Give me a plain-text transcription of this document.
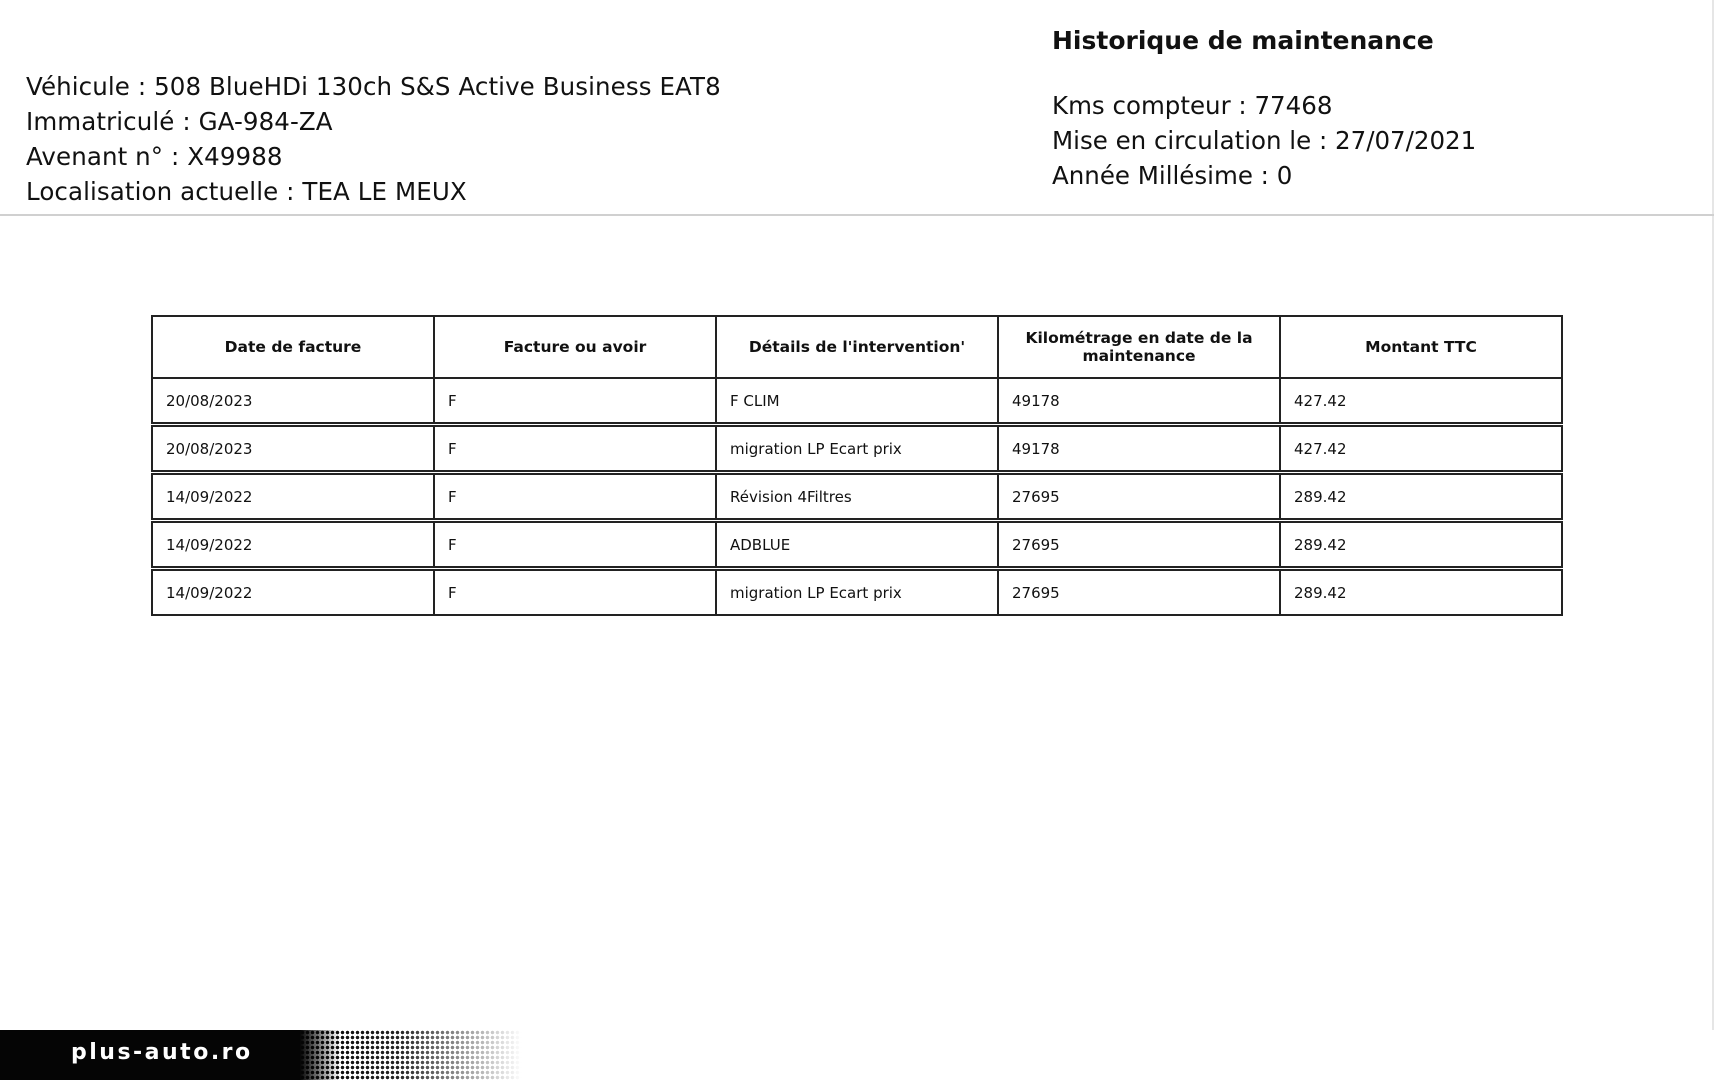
Véhicule : 508 BlueHDi 130ch S&S Active Business EAT8
Immatriculé : GA-984-ZA
Avenant n° : X49988
Localisation actuelle : TEA LE MEUX
Historique de maintenance
Kms compteur : 77468
Mise en circulation le : 27/07/2021
Année Millésime : 0
Date de facture	Facture ou avoir	Détails de l'intervention'	Kilométrage en date de la maintenance	Montant TTC
20/08/2023	F	F CLIM	49178	427.42
20/08/2023	F	migration LP Ecart prix	49178	427.42
14/09/2022	F	Révision 4Filtres	27695	289.42
14/09/2022	F	ADBLUE	27695	289.42
14/09/2022	F	migration LP Ecart prix	27695	289.42
plus-auto.ro
